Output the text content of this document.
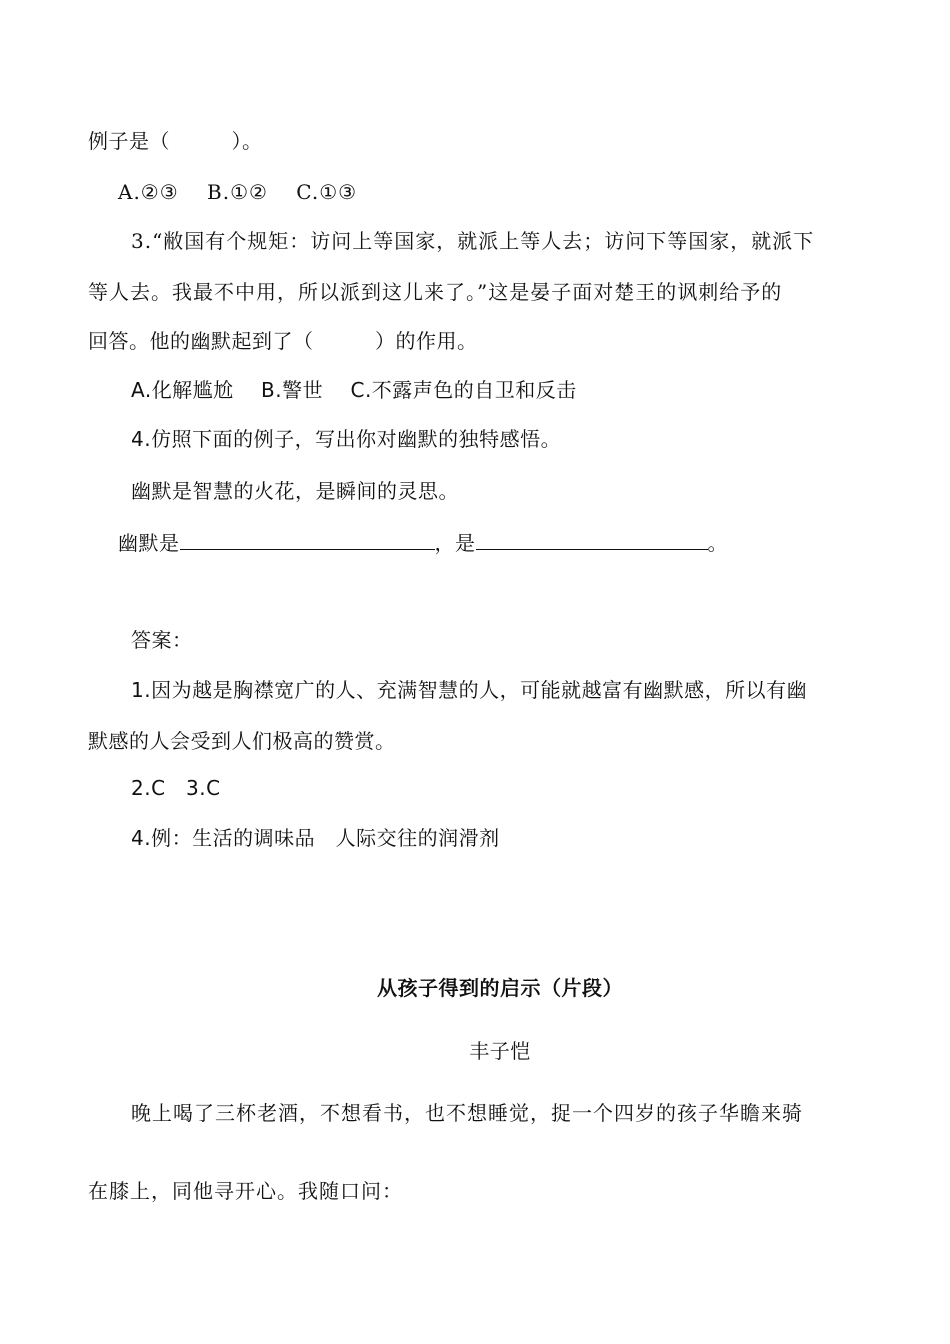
例子是（　　　）。
A.②③　 B.①②　 C.①③
3.“敝国有个规矩：访问上等国家，就派上等人去；访问下等国家，就派下
等人去。我最不中用，所以派到这儿来了。”这是晏子面对楚王的讽刺给予的
回答。他的幽默起到了（　　　）的作用。
A.化解尴尬　 B.警世　 C.不露声色的自卫和反击
4.仿照下面的例子，写出你对幽默的独特感悟。
幽默是智慧的火花，是瞬间的灵思。
幽默是	，是	。
答案：
1.因为越是胸襟宽广的人、充满智慧的人，可能就越富有幽默感，所以有幽
默感的人会受到人们极高的赞赏。
2.C　3.C
4.例：生活的调味品　人际交往的润滑剂
从孩子得到的启示（片段）
丰子恺
晚上喝了三杯老酒，不想看书，也不想睡觉，捉一个四岁的孩子华瞻来骑
在膝上，同他寻开心。我随口问：
